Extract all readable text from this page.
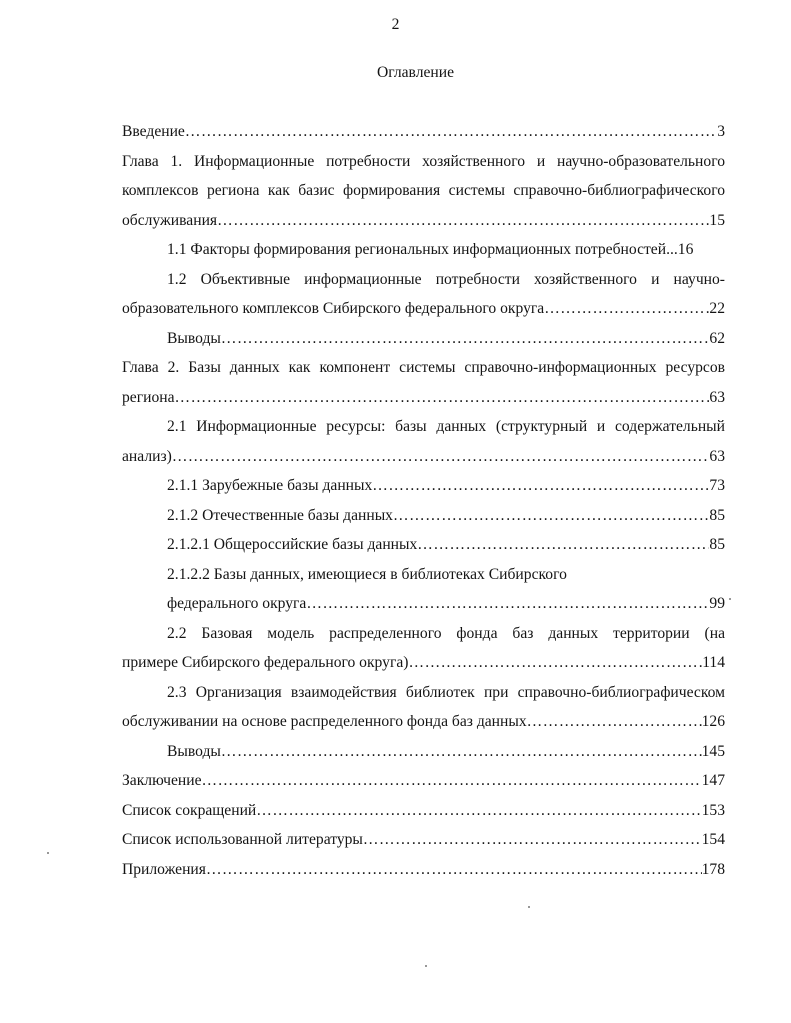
2
Оглавление
Введение ……………………………………………………………………………………………………………………………………………………………………	3
Глава 1. Информационные потребности хозяйственного и научно-образовательного
комплексов региона как базис формирования системы справочно-библиографического
обслуживания ……………………………………………………………………………………………………………………………………………………………………	15
1.1 Факторы формирования региональных информационных потребностей... 16
1.2 Объективные информационные потребности хозяйственного и научно-
образовательного комплексов Сибирского федерального округа ……………………………………………………………………………………………………………………………………………………………………	22
Выводы ……………………………………………………………………………………………………………………………………………………………………	62
Глава 2. Базы данных как компонент системы справочно-информационных ресурсов
региона ……………………………………………………………………………………………………………………………………………………………………	63
2.1 Информационные ресурсы: базы данных (структурный и содержательный
анализ) ……………………………………………………………………………………………………………………………………………………………………	63
2.1.1 Зарубежные базы данных ……………………………………………………………………………………………………………………………………………………………………	73
2.1.2 Отечественные базы данных ……………………………………………………………………………………………………………………………………………………………………	85
2.1.2.1 Общероссийские базы данных ……………………………………………………………………………………………………………………………………………………………………	85
2.1.2.2 Базы данных, имеющиеся в библиотеках Сибирского
федерального округа ……………………………………………………………………………………………………………………………………………………………………	99
2.2 Базовая модель распределенного фонда баз данных территории (на
примере Сибирского федерального округа) ……………………………………………………………………………………………………………………………………………………………………	114
2.3 Организация взаимодействия библиотек при справочно-библиографическом
обслуживании на основе распределенного фонда баз данных ……………………………………………………………………………………………………………………………………………………………………	126
Выводы ……………………………………………………………………………………………………………………………………………………………………	145
Заключение ……………………………………………………………………………………………………………………………………………………………………	147
Список сокращений ……………………………………………………………………………………………………………………………………………………………………	153
Список использованной литературы ……………………………………………………………………………………………………………………………………………………………………	154
Приложения ……………………………………………………………………………………………………………………………………………………………………	178
